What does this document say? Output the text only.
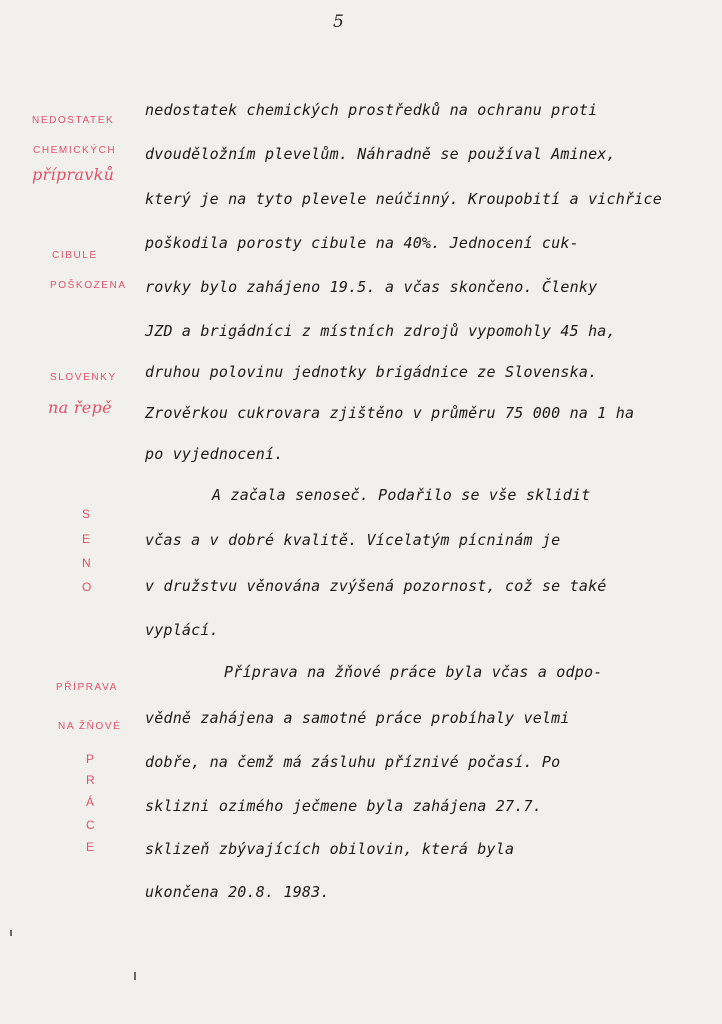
5
nedostatek chemických prostředků na ochranu proti
dvouděložním plevelům. Náhradně se používal Aminex,
který je na tyto plevele neúčinný. Kroupobití a vichřice
poškodila porosty cibule na 40%. Jednocení cuk-
rovky bylo zahájeno 19.5. a včas skončeno. Členky
JZD a brigádníci z místních zdrojů vypomohly 45 ha,
druhou polovinu jednotky brigádnice ze Slovenska.
Zrověrkou cukrovara zjištěno v průměru 75 000 na 1 ha
po vyjednocení.
A začala senoseč. Podařilo se vše sklidit
včas a v dobré kvalitě. Vícelatým pícninám je
v družstvu věnována zvýšená pozornost, což se také
vyplácí.
Příprava na žňové práce byla včas a odpo-
vědně zahájena a samotné práce probíhaly velmi
dobře, na čemž má zásluhu příznivé počasí. Po
sklizni ozimého ječmene byla zahájena 27.7.
sklizeň zbývajících obilovin, která byla
ukončena 20.8. 1983.
NEDOSTATEK
CHEMICKÝCH
přípravků
CIBULE
POŠKOZENA
SLOVENKY
na řepě
S
E
N
O
PŘÍPRAVA
NA ŽŇOVÉ
P
R
Á
C
E
